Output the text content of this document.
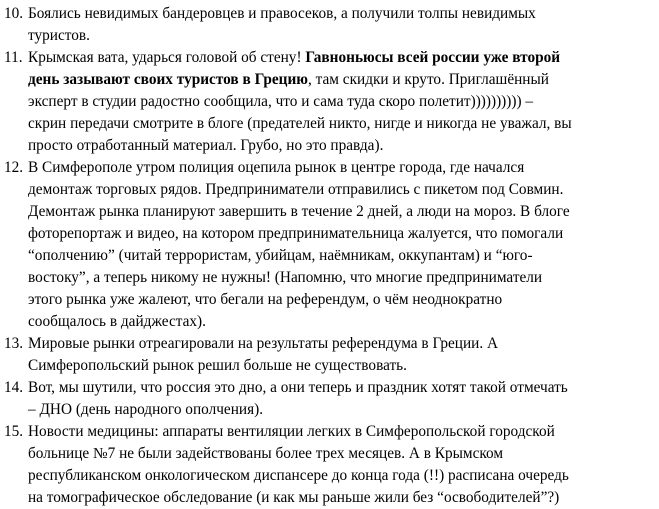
10. Боялись невидимых бандеровцев и правосеков, а получили толпы невидимых
туристов.
11. Крымская вата, ударься головой об стену! Гавноньюсы всей россии уже второй
день зазывают своих туристов в Грецию, там скидки и круто. Приглашённый
эксперт в студии радостно сообщила, что и сама туда скоро полетит)))))))))) –
скрин передачи смотрите в блоге (предателей никто, нигде и никогда не уважал, вы
просто отработанный материал. Грубо, но это правда).
12. В Симферополе утром полиция оцепила рынок в центре города, где начался
демонтаж торговых рядов. Предприниматели отправились с пикетом под Совмин.
Демонтаж рынка планируют завершить в течение 2 дней, а люди на мороз. В блоге
фоторепортаж и видео, на котором предпринимательница жалуется, что помогали
“ополчению” (читай террористам, убийцам, наёмникам, оккупантам) и “юго-
востоку”, а теперь никому не нужны! (Напомню, что многие предприниматели
этого рынка уже жалеют, что бегали на референдум, о чём неоднократно
сообщалось в дайджестах).
13. Мировые рынки отреагировали на результаты референдума в Греции. А
Симферопольский рынок решил больше не существовать.
14. Вот, мы шутили, что россия это дно, а они теперь и праздник хотят такой отмечать
– ДНО (день народного ополчения).
15. Новости медицины: аппараты вентиляции легких в Симферопольской городской
больнице №7 не были задействованы более трех месяцев. А в Крымском
республиканском онкологическом диспансере до конца года (!!) расписана очередь
на томографическое обследование (и как мы раньше жили без “освободителей”?)
